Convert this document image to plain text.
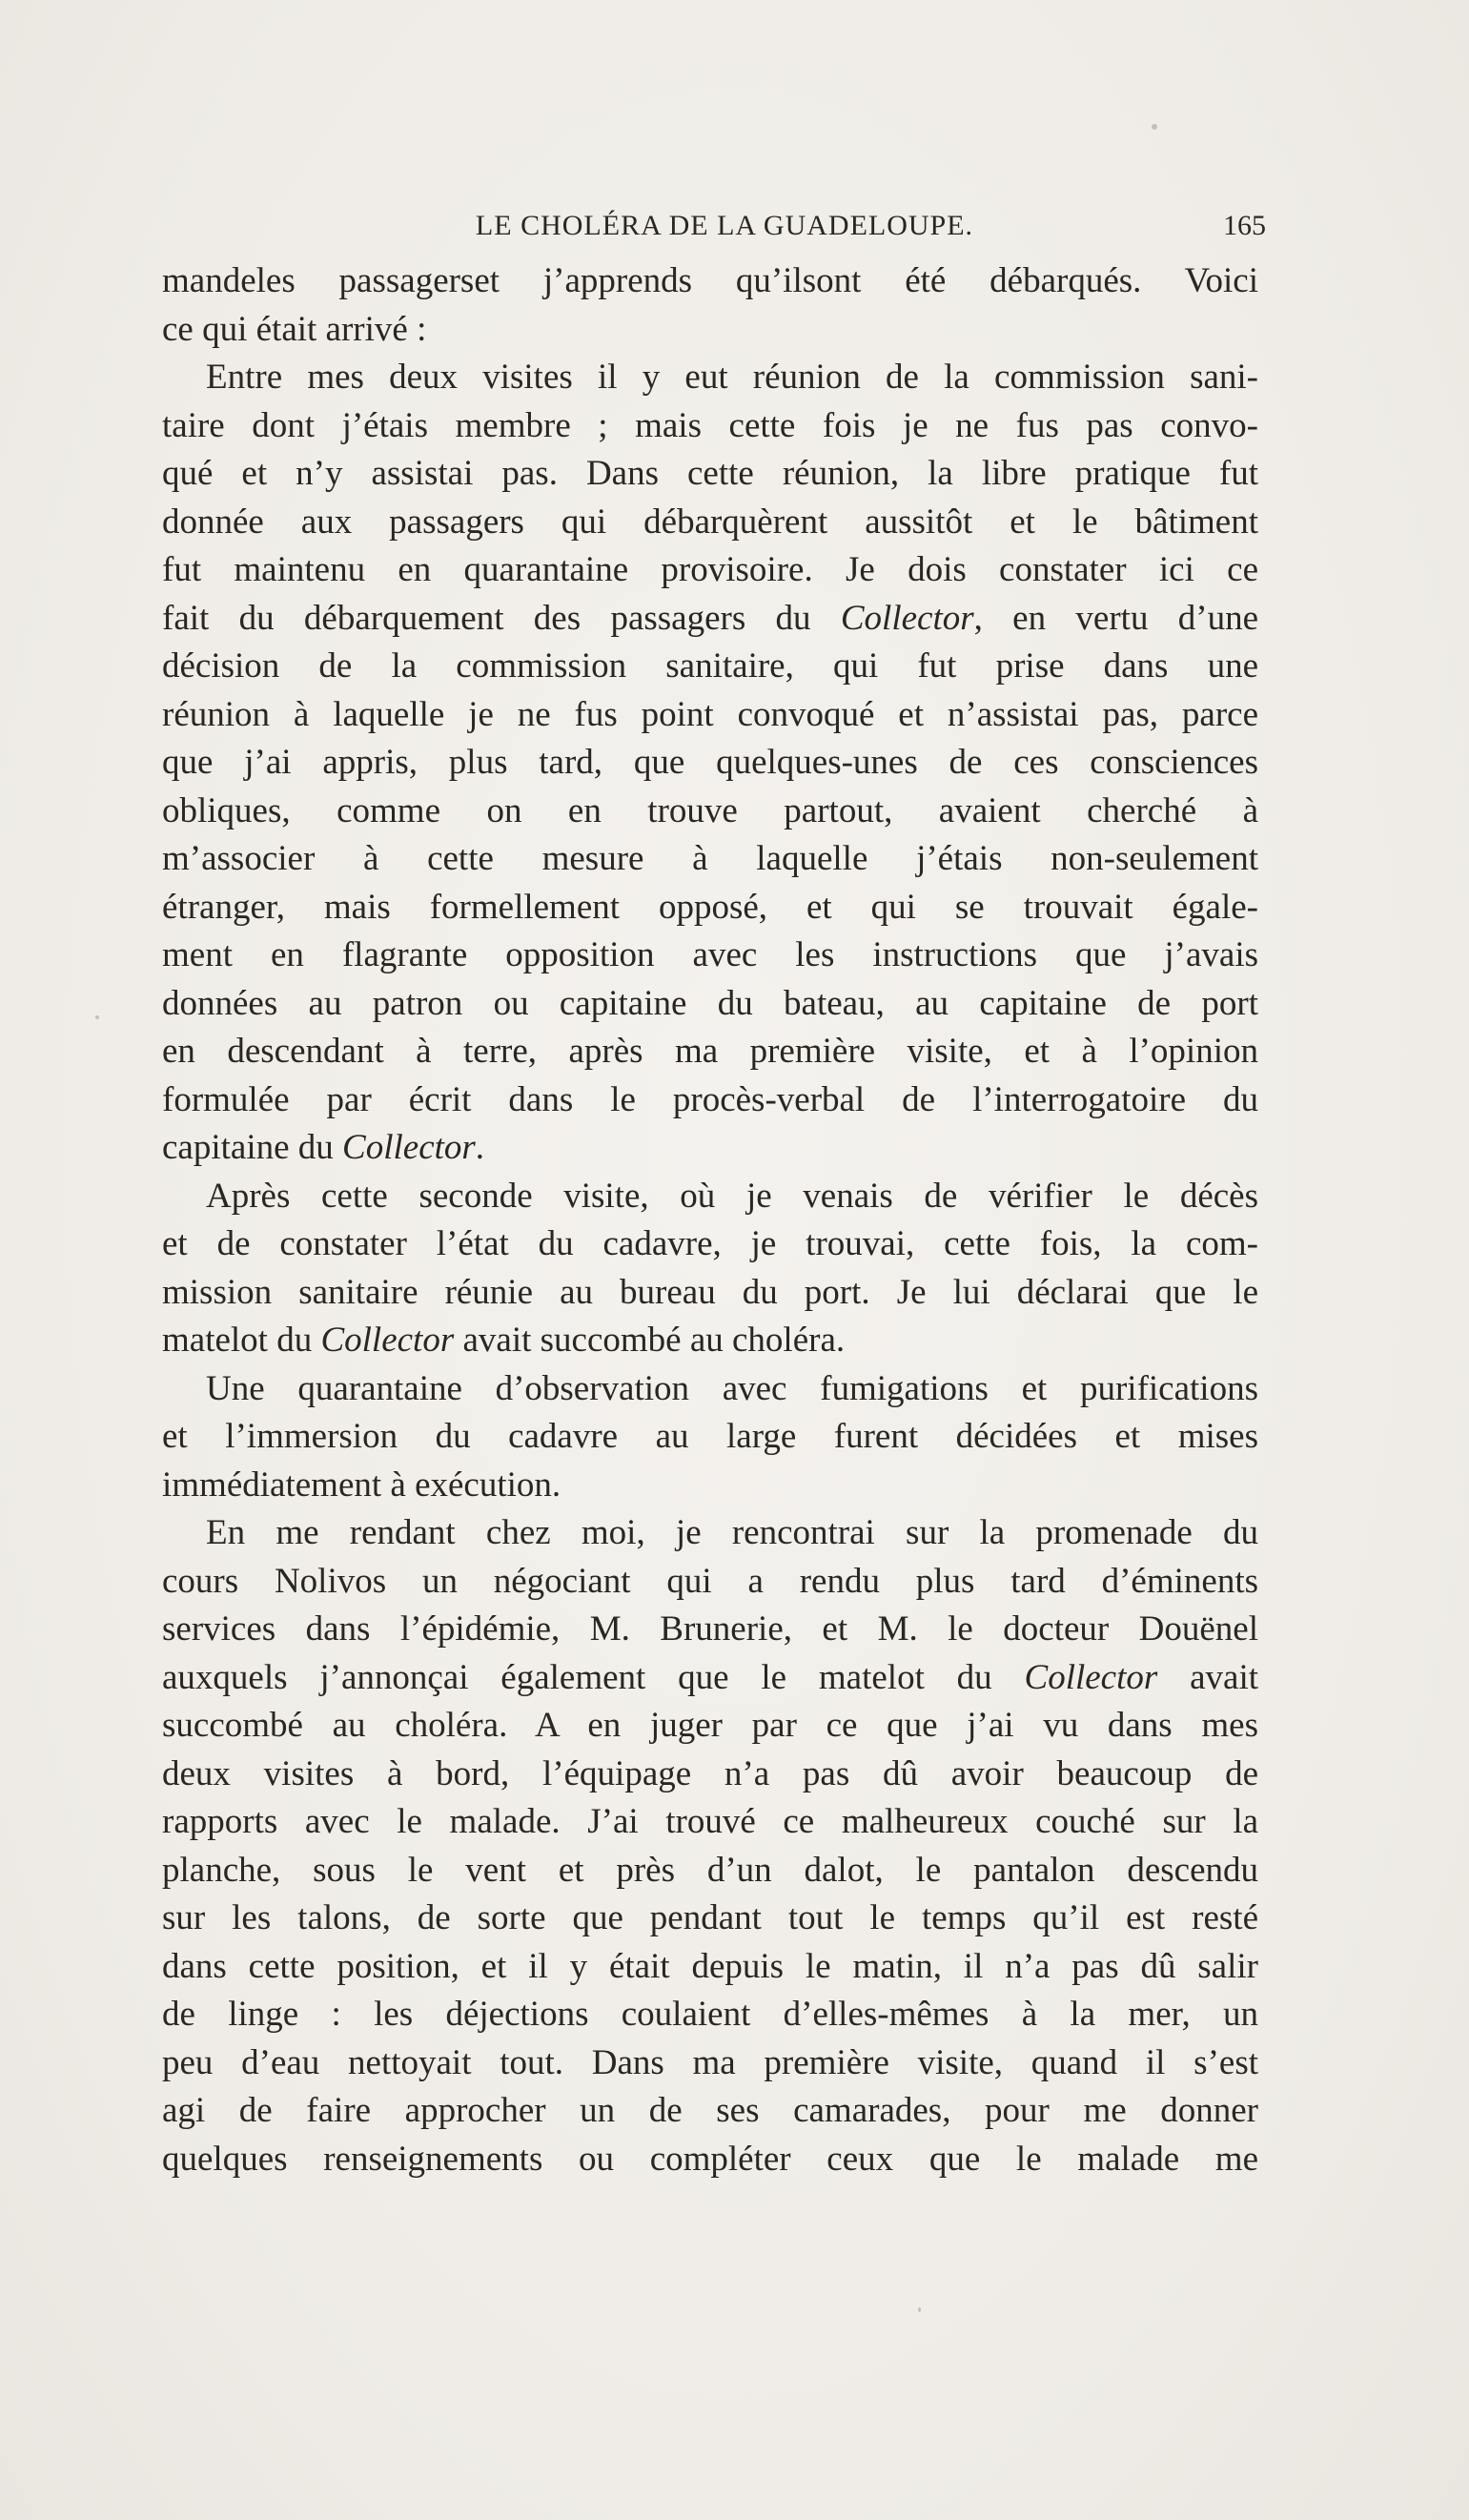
LE CHOLÉRA DE LA GUADELOUPE.	165
mandeles passagerset j’apprends qu’ilsont été débarqués. Voici
ce qui était arrivé :
Entre mes deux visites il y eut réunion de la commission sani-
taire dont j’étais membre ; mais cette fois je ne fus pas convo-
qué et n’y assistai pas. Dans cette réunion, la libre pratique fut
donnée aux passagers qui débarquèrent aussitôt et le bâtiment
fut maintenu en quarantaine provisoire. Je dois constater ici ce
fait du débarquement des passagers du Collector, en vertu d’une
décision de la commission sanitaire, qui fut prise dans une
réunion à laquelle je ne fus point convoqué et n’assistai pas, parce
que j’ai appris, plus tard, que quelques-unes de ces consciences
obliques, comme on en trouve partout, avaient cherché à
m’associer à cette mesure à laquelle j’étais non-seulement
étranger, mais formellement opposé, et qui se trouvait égale-
ment en flagrante opposition avec les instructions que j’avais
données au patron ou capitaine du bateau, au capitaine de port
en descendant à terre, après ma première visite, et à l’opinion
formulée par écrit dans le procès-verbal de l’interrogatoire du
capitaine du Collector.
Après cette seconde visite, où je venais de vérifier le décès
et de constater l’état du cadavre, je trouvai, cette fois, la com-
mission sanitaire réunie au bureau du port. Je lui déclarai que le
matelot du Collector avait succombé au choléra.
Une quarantaine d’observation avec fumigations et purifications
et l’immersion du cadavre au large furent décidées et mises
immédiatement à exécution.
En me rendant chez moi, je rencontrai sur la promenade du
cours Nolivos un négociant qui a rendu plus tard d’éminents
services dans l’épidémie, M. Brunerie, et M. le docteur Douënel
auxquels j’annonçai également que le matelot du Collector avait
succombé au choléra. A en juger par ce que j’ai vu dans mes
deux visites à bord, l’équipage n’a pas dû avoir beaucoup de
rapports avec le malade. J’ai trouvé ce malheureux couché sur la
planche, sous le vent et près d’un dalot, le pantalon descendu
sur les talons, de sorte que pendant tout le temps qu’il est resté
dans cette position, et il y était depuis le matin, il n’a pas dû salir
de linge : les déjections coulaient d’elles-mêmes à la mer, un
peu d’eau nettoyait tout. Dans ma première visite, quand il s’est
agi de faire approcher un de ses camarades, pour me donner
quelques renseignements ou compléter ceux que le malade me
